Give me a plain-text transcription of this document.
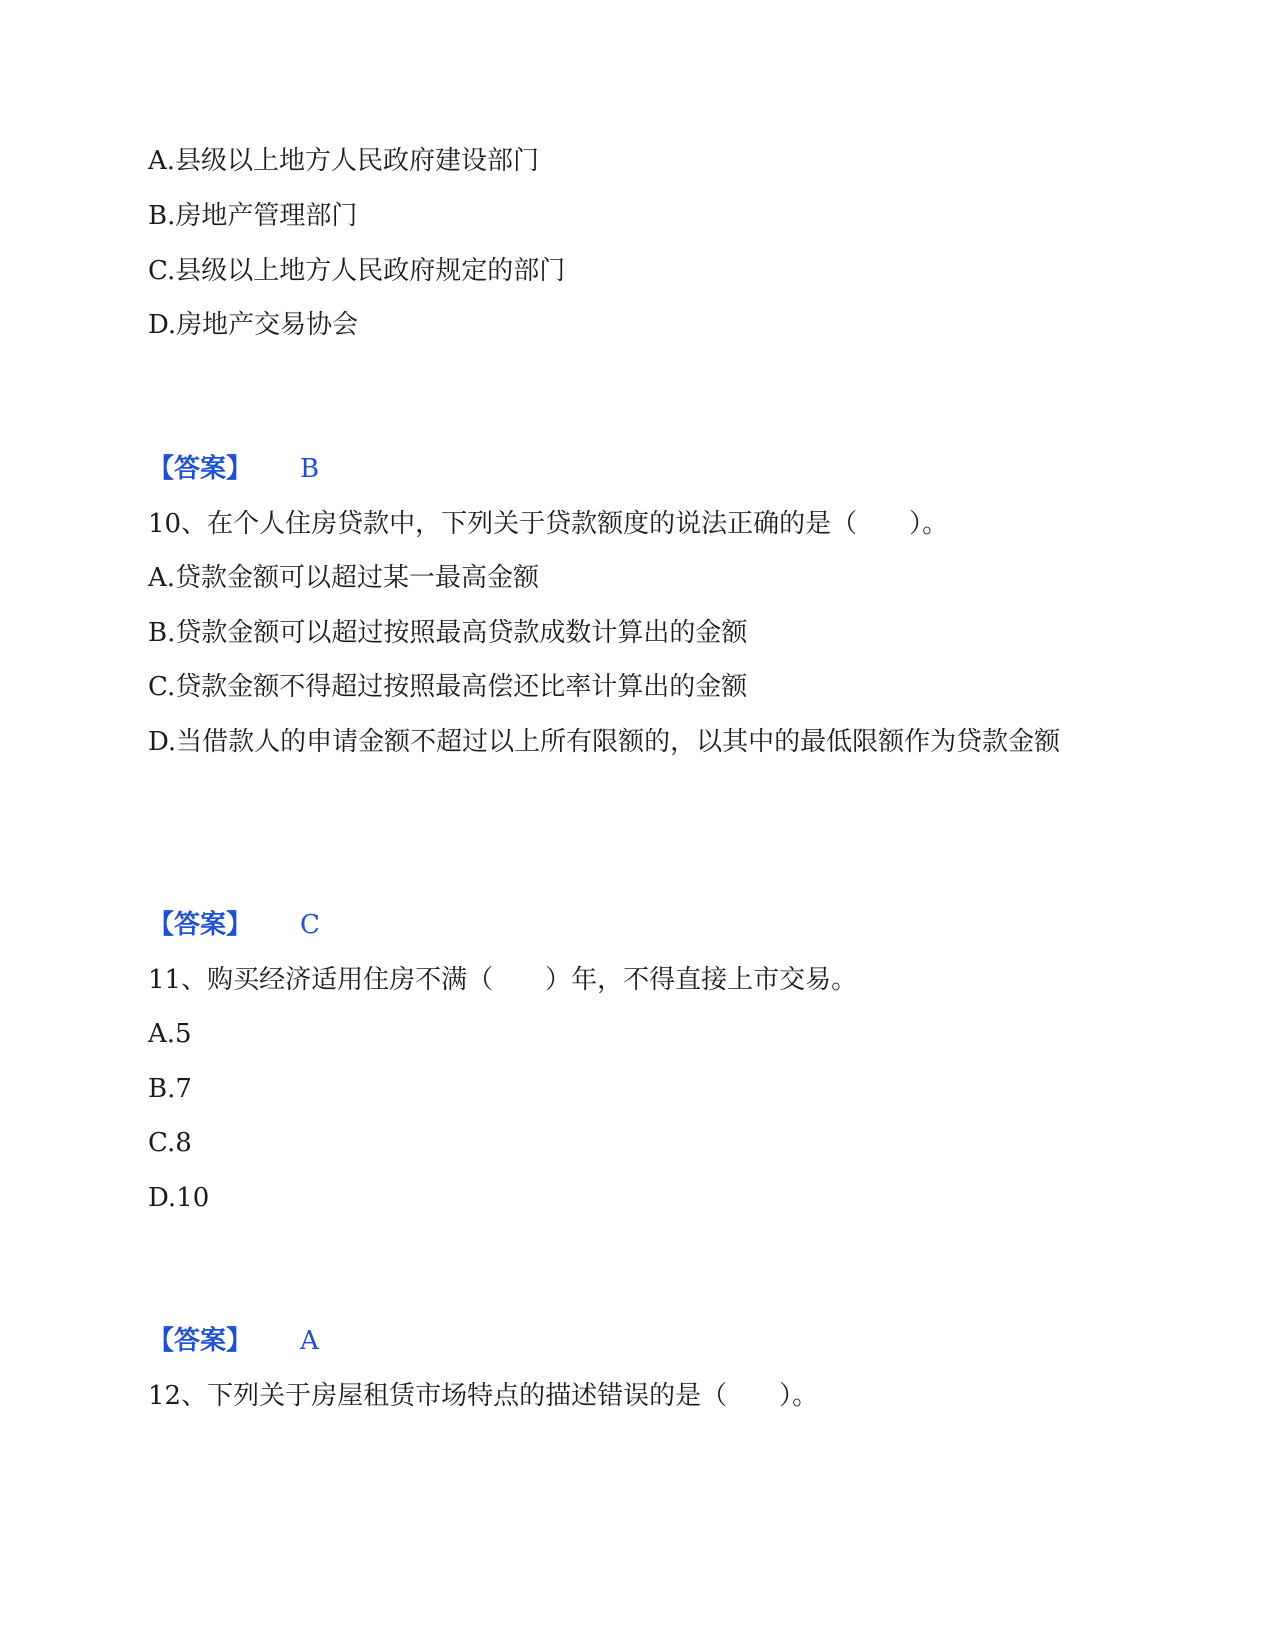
A.县级以上地方人民政府建设部门
B.房地产管理部门
C.县级以上地方人民政府规定的部门
D.房地产交易协会
【答案】 B
10、在个人住房贷款中，下列关于贷款额度的说法正确的是（　　）。
A.贷款金额可以超过某一最高金额
B.贷款金额可以超过按照最高贷款成数计算出的金额
C.贷款金额不得超过按照最高偿还比率计算出的金额
D.当借款人的申请金额不超过以上所有限额的，以其中的最低限额作为贷款金额
【答案】 C
11、购买经济适用住房不满（　　）年，不得直接上市交易。
A.5
B.7
C.8
D.10
【答案】 A
12、下列关于房屋租赁市场特点的描述错误的是（　　）。
